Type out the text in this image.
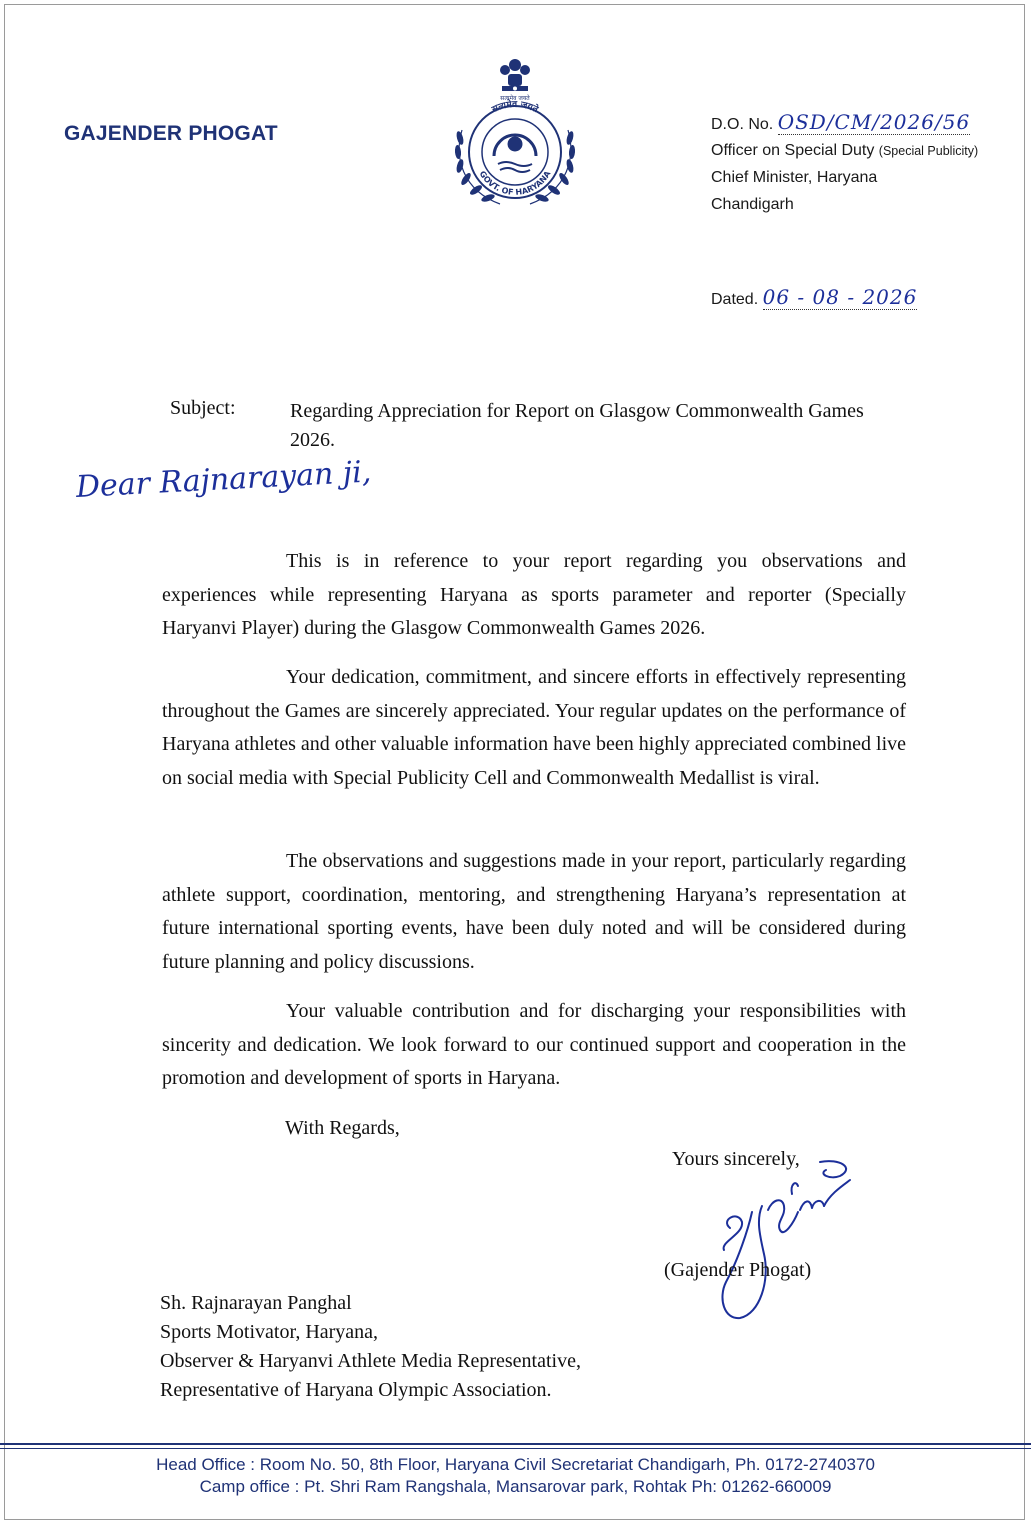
GAJENDER PHOGAT
सत्यमेव जयते
सत्यमेव जयते
GOVT. OF HARYANA
D.O. No. OSD/CM/2026/56
Officer on Special Duty (Special Publicity)
Chief Minister, Haryana
Chandigarh
Dated. 06 - 08 - 2026
Subject:	Regarding Appreciation for Report on Glasgow Commonwealth Games 2026.
Dear Rajnarayan ji,

This is in reference to your report regarding you observations and experiences while representing Haryana as sports parameter and reporter (Specially Haryanvi Player) during the Glasgow Commonwealth Games 2026.

Your dedication, commitment, and sincere efforts in effectively representing throughout the Games are sincerely appreciated. Your regular updates on the performance of Haryana athletes and other valuable information have been highly appreciated combined live on social media with Special Publicity Cell and Commonwealth Medallist is viral.

The observations and suggestions made in your report, particularly regarding athlete support, coordination, mentoring, and strengthening Haryana’s representation at future international sporting events, have been duly noted and will be considered during future planning and policy discussions.

Your valuable contribution and for discharging your responsibilities with sincerity and dedication. We look forward to our continued support and cooperation in the promotion and development of sports in Haryana.

With Regards,
Yours sincerely,
(Gajender Phogat)
Sh. Rajnarayan Panghal
Sports Motivator, Haryana,
Observer & Haryanvi Athlete Media Representative,
Representative of Haryana Olympic Association.
Head Office : Room No. 50, 8th Floor, Haryana Civil Secretariat Chandigarh, Ph. 0172-2740370
Camp office : Pt. Shri Ram Rangshala, Mansarovar park, Rohtak Ph: 01262-660009
